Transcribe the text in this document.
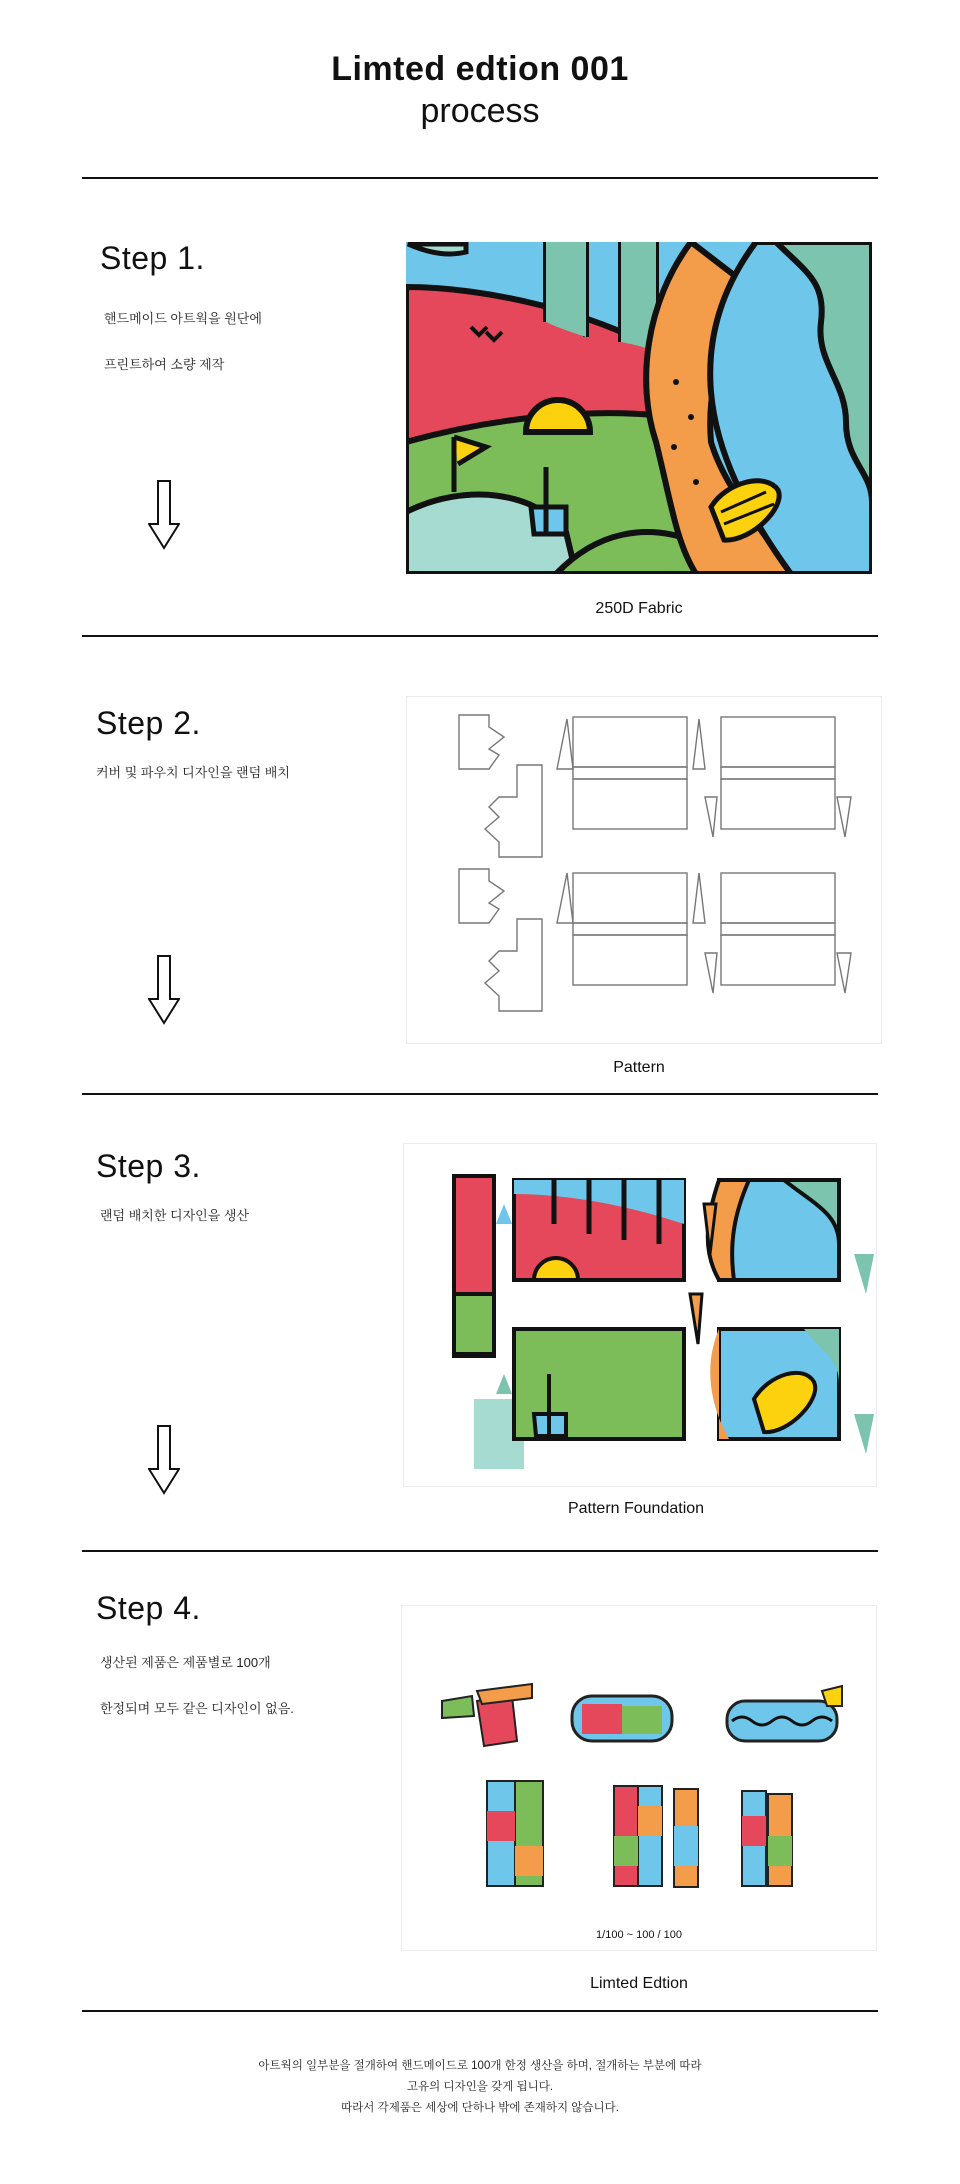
Limted edtion 001
process
Step 1.
핸드메이드 아트웍을 원단에
프린트하여 소량 제작
250D Fabric
Step 2.
커버 및 파우치 디자인을 랜덤 배치
Pattern
Step 3.
랜덤 배치한 디자인을 생산
Pattern Foundation
Step 4.
생산된 제품은 제품별로 100개
한정되며 모두 같은 디자인이 없음.
1/100 ~ 100 / 100
Limted Edtion
아트웍의 일부분을 절개하여 핸드메이드로 100개 한정 생산을 하며, 절개하는 부분에 따라
고유의 디자인을 갖게 됩니다.
따라서 각제품은 세상에 단하나 밖에 존재하지 않습니다.
